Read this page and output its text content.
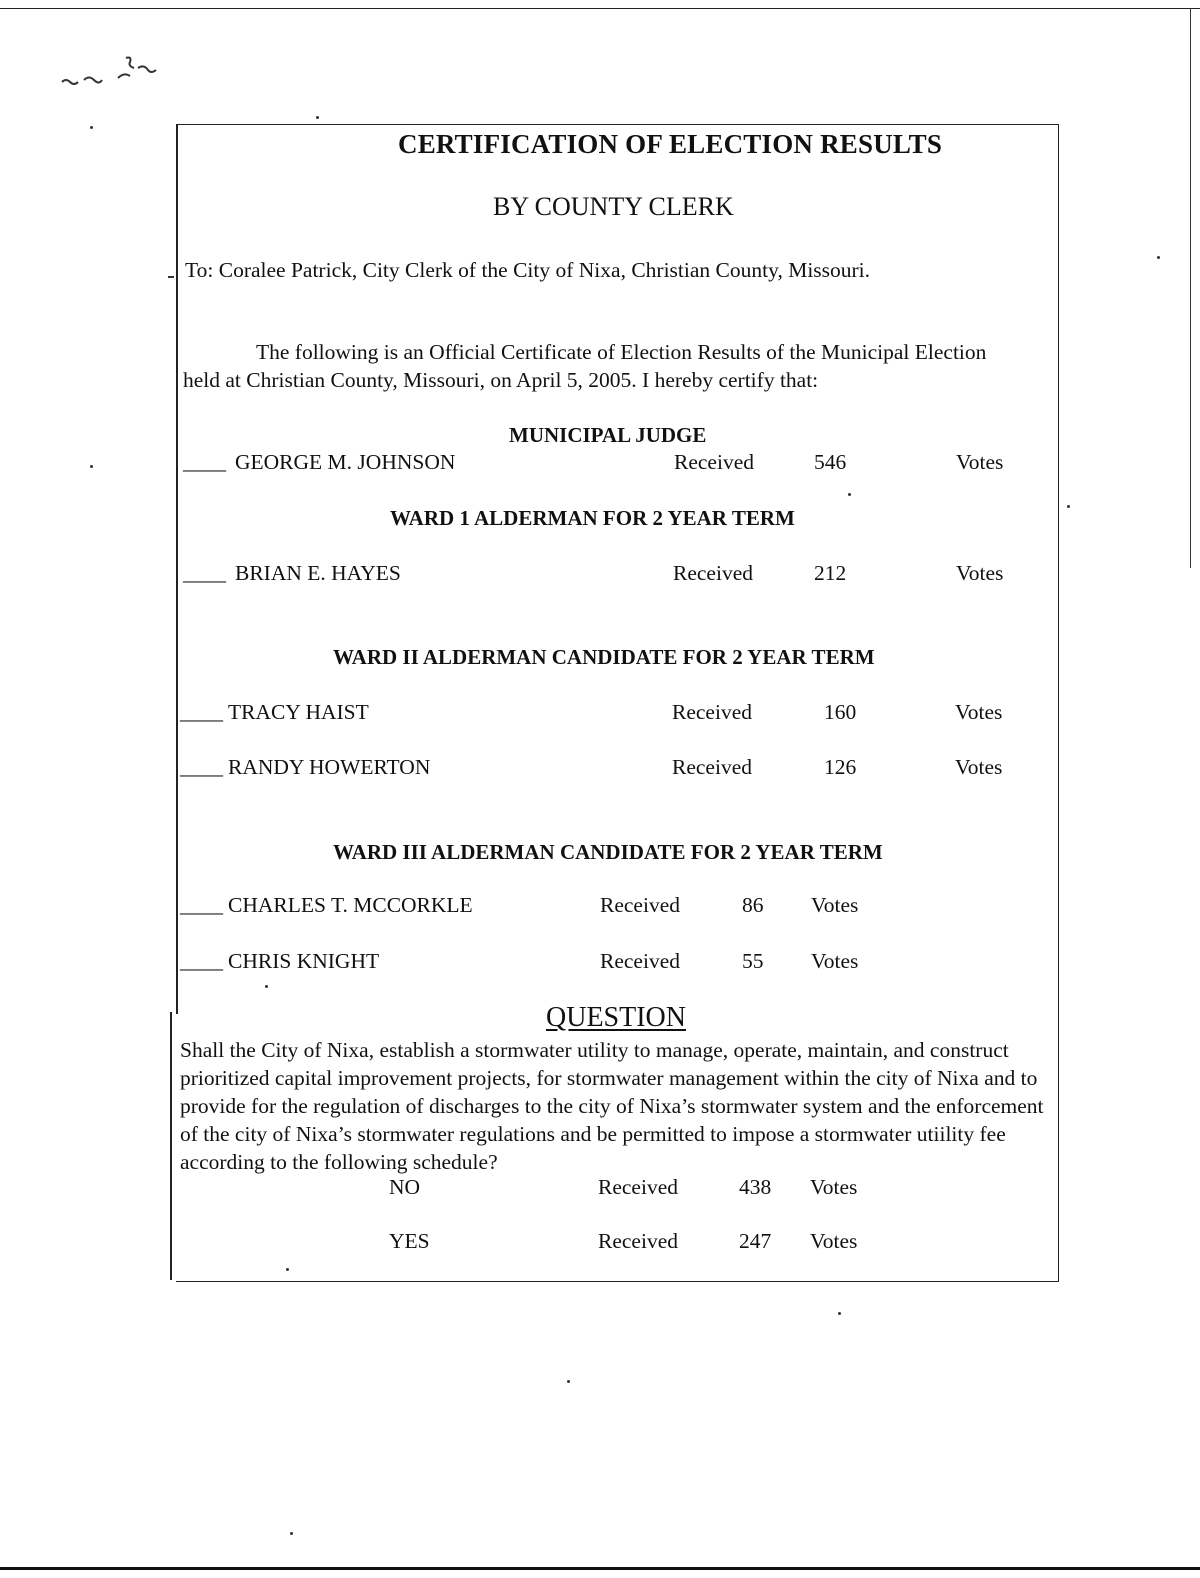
CERTIFICATION OF ELECTION RESULTS
BY COUNTY CLERK
To: Coralee Patrick, City Clerk of the City of Nixa, Christian County, Missouri.
The following is an Official Certificate of Election Results of the Municipal Election
held at Christian County, Missouri, on April 5, 2005. I hereby certify that:
MUNICIPAL JUDGE
____ GEORGE M. JOHNSON	Received	546	Votes
WARD 1 ALDERMAN FOR 2 YEAR TERM
____ BRIAN E. HAYES	Received	212	Votes
WARD II ALDERMAN CANDIDATE FOR 2 YEAR TERM
____ TRACY HAIST	Received	160	Votes
____ RANDY HOWERTON	Received	126	Votes
WARD III ALDERMAN CANDIDATE FOR 2 YEAR TERM
____ CHARLES T. MCCORKLE	Received	86 Votes
____ CHRIS KNIGHT	Received	55 Votes
QUESTION
Shall the City of Nixa, establish a stormwater utility to manage, operate, maintain, and construct prioritized capital improvement projects, for stormwater management within the city of Nixa and to provide for the regulation of discharges to the city of Nixa’s stormwater system and the enforcement of the city of Nixa’s stormwater regulations and be permitted to impose a stormwater utiility fee according to the following schedule?
NO	Received	438 Votes
YES	Received	247 Votes
